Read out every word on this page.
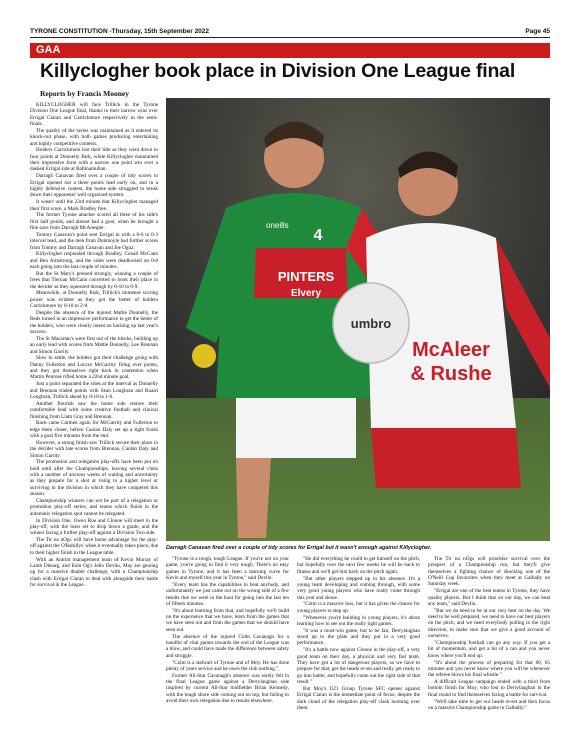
TYRONE CONSTITUTION -Thursday, 15th September 2022	Page 45
GAA
Killyclogher book place in Division One League final
Reports by Francis Mooney

KILLYCLOGHER will face Trillick in the Tyrone Division One League final, thanks to their narrow wins over Errigal Ciaran and Carrickmore respectively in the semi-finals.

The quality of the series was maintained as it entered its knock-out phase, with both games producing entertaining and highly competitive contests.

Holders Carrickmore lost their title as they went down to four points at Donnelly Park, while Killyclogher maintained their impressive form with a narrow one point win over a dashed Errigal side at Ballinamullan.

Darragh Canavan fired over a couple of tidy scores to Errigal opened out a three points lead early on, and in a highly defensive contest, the home side struggled to break down their opponents' well organised system.

It wasn't until the 23rd minute that Killyclogher managed their first score, a Mark Bradley free.

The former Tyrone attacker scored all three of his side's first half points, and almost had a goal, when he brought a fine save from Darragh McAnespie.

Tommy Canavan's point sent Errigal in with a 0-6 to 0-3 interval lead, and the men from Dunmoyle had further scores from Tommy and Darragh Canavan and Joe Oguz.

Killyclogher responded through Bradley, Conall McCann and Ben Armstrong, and the sides were deadlocked on 0-8 each going into the last couple of minutes.

But the St Mary's pressed strongly, winning a couple of frees that Tiernan McCann converted to book their place in the decider as they squeezed through by 0-10 to 0-9.

Meanwhile, at Donnelly Park, Trillick's immense scoring power was evident as they got the better of holders Carrickmore by 0-18 to 2-8.

Despite the absence of the injured Mattie Donnelly, the Reds turned in an impressive performance to get the better of the holders, who were clearly intent on backing up last year's success.

The St Macartan's were first out of the blocks, building up an early lead with scores from Mattie Donnelly, Lee Brennan and Simon Garrity.

Slow to settle, the holders got their challenge going with Danny Fullerton and Lorcan McGarrity firing over points, and they got themselves right back in contention when Martin Penrose rifled home a 22nd minute goal.

Just a point separated the sides at the interval as Donnelly and Brennan traded points with Sean Loughran and Ruairi Loughran, Trillick ahead by 0-10 to 1-6.

Another flourish saw the home side restore their comfortable lead with some creative football and clinical finishing from Liam Gray and Brennan.

Back came Carmen again for McGarrity and Fullerton to edge them closer, before Caolan Daly set up a tight finish with a goal five minutes from the end.

However, a strong finish saw Trillick secure their place in the decider with late scores from Brennan, Caolan Daly and Simon Garrity.

The promotion and relegation play-offs have been put on hold until after the Championships, leaving several clubs with a number of anxious weeks of waiting and uncertainty as they prepare for a shot at rising to a higher level or surviving in the division in which they have competed this season.

Championship winners can not be part of a relegation or promotion play-off series, and teams which finish in the automatic relegation spot cannot be relegated.

In Division One, Owen Roe and Clonoe will meet in the play-off, with the loser set to drop down a grade, and the winner facing a further play-off against a Division Two side.

The Tir na nOgs will have home advantage for the play-off against the O'Rahillys' when it eventually takes place, due to their higher finish in the League table.

With an Antrim management team of Kevin Murray of Lamh Dhearg, and Eoin Og's John Devlin, May are gearing up for a massive double challenge, with a Championship clash with Errigal Ciaran to deal with alongside their battle for survival in the League.

umbro
PINTERS
Elvery
4
oneills
McAleer
& Rushe
Darragh Canavan fired over a couple of tidy scores for Errigal but it wasn't enough against Killyclogher.

"Tyrone is a tough, tough League. If you're not on your game, you're going to find it very tough. There's no easy games in Tyrone, and it has been a learning curve for Kevin and myself this year in Tyrone," said Devlin.

"Every team has the capabilities to beat anybody, and unfortunately we just came out on the wrong side of a few results that we were in the hunt for going into the last ten of fifteen minutes.

"It's about learning from that, and hopefully we'll build on the experience that we have, learn from the games that we have seen out and from the games that we should have seen out.

The absence of the injured Colm Cavanagh for a handful of vital games towards the end of the League was a blow, and could have made the difference between safety and struggle.

"Colm is a stalwart of Tyrone and of Moy. He has done plenty of years service and he owes the club nothing."

Former All-Star Cavanagh's absence was sorely felt in the final League game against a Derrylaughan side inspired by current All-Star midfielder Brian Kennedy, with the tough shore side coming out on top, but failing to avoid their own relegation due to results elsewhere.

"He did everything he could to get himself on the pitch, but hopefully over the next few weeks he will be back to fitness and we'll get him back on the pitch again.

"But other players stepped up in his absence. It's a young team developing and coming through, with some very good young players who have really come through this year and shone.

"Colm is a massive loss, but it has given the chance for young players to step up.

"Whenever you're building in young players, it's about learning how to see out the really tight games.

"It was a must-win game, but to be fair, Derrylaughan stood up to the plate and they put in a very good performance.

"It's a battle now against Clonoe in the play-off, a very good team on their day, a physical and very fast team. They have got a lot of dangerous players, so we have to prepare for that, get the heads re-set and really get ready to go into battle, and hopefully come out the right side of that result."

But Moy's U21 Group Tyrone SFC opener against Errigal Ciaran is the immediate point of focus, despite the dark cloud of the relegation play-off clash looming over them.

The Tir na nOgs will prioritise survival over the prospect of a Championship run, but they'll give themselves a fighting chance of shocking one of the O'Neill Cup favourites when they meet at Galbally on Saturday week.

"Errigal are one of the best teams in Tyrone, they have quality players. But I think that on our day, we can beat any team," said Devlin.

"But we do need to be at our very best on the day. We need to be well prepared, we need to have our best players on the pitch, and we need everybody pulling in the right direction, to make sure that we give a good account of ourselves.

"Championship football can go any way. If you get a bit of momentum, and get a bit of a run and you never know where you'll end up.

"It's about the process of preparing for that 60, 65 minutes and you never know where you will be whenever the referee blows his final whistle."

A difficult League campaign ended with a third from bottom finish for Moy, who lost to Derrylaughan in the final round to find themselves facing a battle for survival.

"We'll take time to get our heads re-set and then focus on a massive Championship game in Galbally."
